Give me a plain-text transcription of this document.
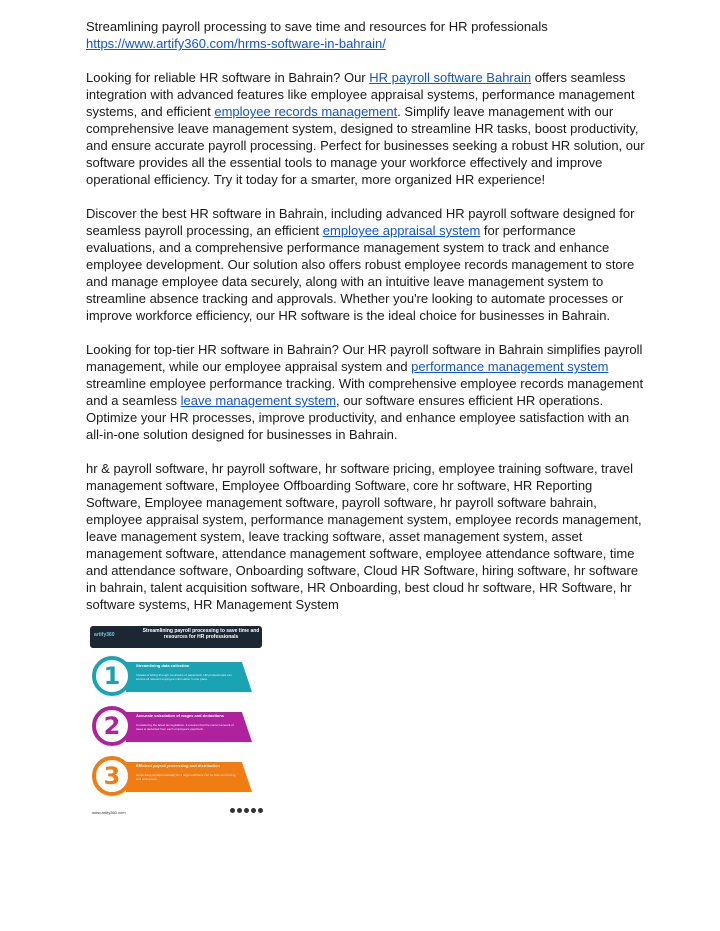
Streamlining payroll processing to save time and resources for HR professionals
https://www.artify360.com/hrms-software-in-bahrain/

Looking for reliable HR software in Bahrain? Our HR payroll software Bahrain offers seamless integration with advanced features like employee appraisal systems, performance management systems, and efficient employee records management. Simplify leave management with our comprehensive leave management system, designed to streamline HR tasks, boost productivity, and ensure accurate payroll processing. Perfect for businesses seeking a robust HR solution, our software provides all the essential tools to manage your workforce effectively and improve operational efficiency. Try it today for a smarter, more organized HR experience!

Discover the best HR software in Bahrain, including advanced HR payroll software designed for seamless payroll processing, an efficient employee appraisal system for performance evaluations, and a comprehensive performance management system to track and enhance employee development. Our solution also offers robust employee records management to store and manage employee data securely, along with an intuitive leave management system to streamline absence tracking and approvals. Whether you're looking to automate processes or improve workforce efficiency, our HR software is the ideal choice for businesses in Bahrain.

Looking for top-tier HR software in Bahrain? Our HR payroll software in Bahrain simplifies payroll management, while our employee appraisal system and performance management system streamline employee performance tracking. With comprehensive employee records management and a seamless leave management system, our software ensures efficient HR operations. Optimize your HR processes, improve productivity, and enhance employee satisfaction with an all-in-one solution designed for businesses in Bahrain.

hr & payroll software, hr payroll software, hr software pricing, employee training software, travel management software, Employee Offboarding Software, core hr software, HR Reporting Software, Employee management software, payroll software, hr payroll software bahrain, employee appraisal system, performance management system, employee records management, leave management system, leave tracking software, asset management system, asset management software, attendance management software, employee attendance software, time and attendance software, Onboarding software, Cloud HR Software, hiring software, hr software in bahrain, talent acquisition software, HR Onboarding, best cloud hr software, HR Software, hr software systems, HR Management System

artify360
Streamlining payroll processing to save time and resources for HR professionals
1	Streamlining data collection
Instead of sifting through mountains of paperwork, HR professionals can access all relevant employee information in one place.
2	Accurate calculation of wages and deductions
Considering the latest tax legislation, it ensures that the correct amount of taxes is deducted from each employee's paycheck.
3	Efficient payroll processing and distribution
Generating payslips manually for a large workforce can be time-consuming and error-prone.
www.artify360.com
